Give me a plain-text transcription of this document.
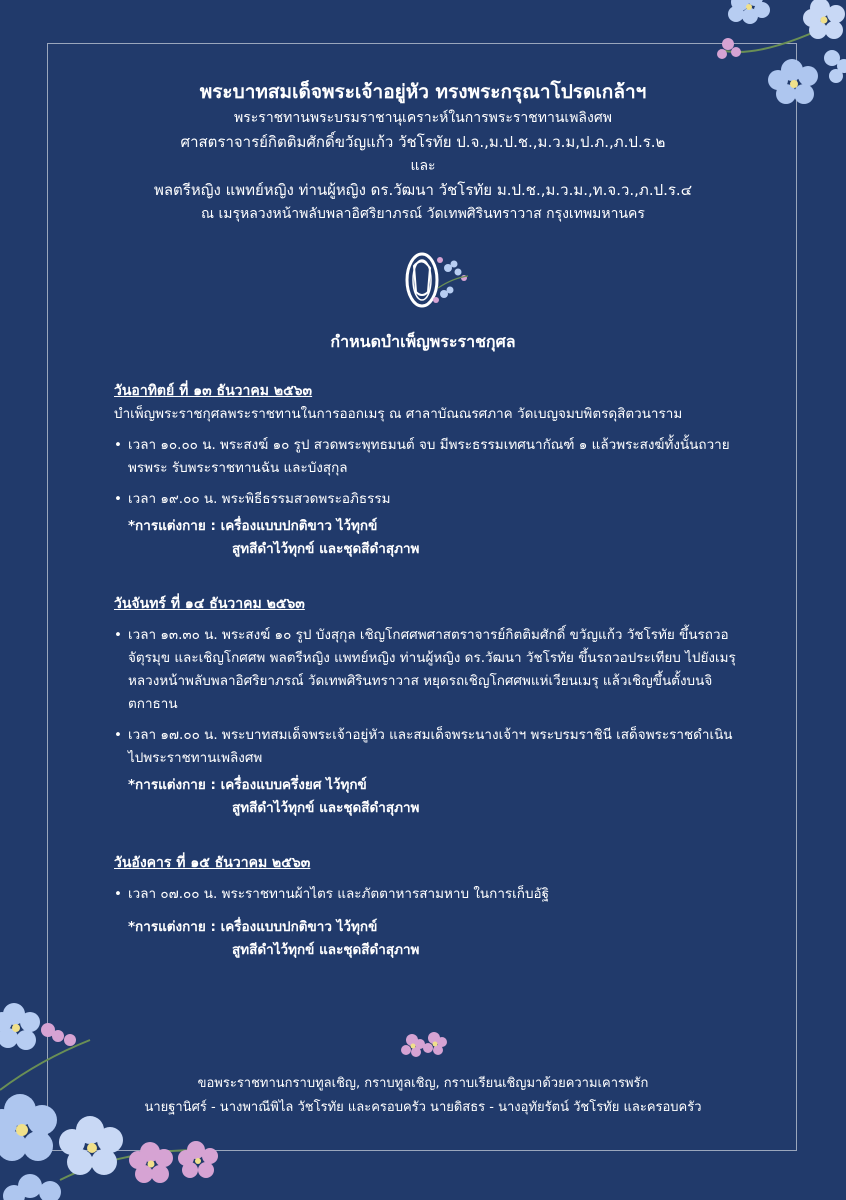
พระบาทสมเด็จพระเจ้าอยู่หัว ทรงพระกรุณาโปรดเกล้าฯ
พระราชทานพระบรมราชานุเคราะห์ในการพระราชทานเพลิงศพ
ศาสตราจารย์กิตติมศักดิ์ขวัญแก้ว วัชโรทัย ป.จ.,ม.ป.ช.,ม.ว.ม,ป.ภ.,ภ.ป.ร.๒
และ
พลตรีหญิง แพทย์หญิง ท่านผู้หญิง ดร.วัฒนา วัชโรทัย ม.ป.ช.,ม.ว.ม.,ท.จ.ว.,ภ.ป.ร.๔
ณ เมรุหลวงหน้าพลับพลาอิศริยาภรณ์ วัดเทพศิรินทราวาส กรุงเทพมหานคร
กำหนดบำเพ็ญพระราชกุศล
วันอาทิตย์ ที่ ๑๓ ธันวาคม ๒๕๖๓

บำเพ็ญพระราชกุศลพระราชทานในการออกเมรุ ณ ศาลาบัณณรศภาค วัดเบญจมบพิตรดุสิตวนาราม

• เวลา ๑๐.๐๐ น. พระสงฆ์ ๑๐ รูป สวดพระพุทธมนต์ จบ มีพระธรรมเทศนากัณฑ์ ๑ แล้วพระสงฆ์ทั้งนั้นถวายพรพระ รับพระราชทานฉัน และบังสุกุล
• เวลา ๑๙.๐๐ น. พระพิธีธรรมสวดพระอภิธรรม
*การแต่งกาย : เครื่องแบบปกติขาว ไว้ทุกข์
สูทสีดำไว้ทุกข์ และชุดสีดำสุภาพ
วันจันทร์ ที่ ๑๔ ธันวาคม ๒๕๖๓
• เวลา ๑๓.๓๐ น. พระสงฆ์ ๑๐ รูป บังสุกุล เชิญโกศศพศาสตราจารย์กิตติมศักดิ์ ขวัญแก้ว วัชโรทัย ขึ้นรถวอจัตุรมุข และเชิญโกศศพ พลตรีหญิง แพทย์หญิง ท่านผู้หญิง ดร.วัฒนา วัชโรทัย ขึ้นรถวอประเทียบ ไปยังเมรุหลวงหน้าพลับพลาอิศริยาภรณ์ วัดเทพศิรินทราวาส หยุดรถเชิญโกศศพแห่เวียนเมรุ แล้วเชิญขึ้นตั้งบนจิตกาธาน
• เวลา ๑๗.๐๐ น. พระบาทสมเด็จพระเจ้าอยู่หัว และสมเด็จพระนางเจ้าฯ พระบรมราชินี เสด็จพระราชดำเนินไปพระราชทานเพลิงศพ
*การแต่งกาย : เครื่องแบบครึ่งยศ ไว้ทุกข์
สูทสีดำไว้ทุกข์ และชุดสีดำสุภาพ
วันอังคาร ที่ ๑๕ ธันวาคม ๒๕๖๓
• เวลา ๐๗.๐๐ น. พระราชทานผ้าไตร และภัตตาหารสามหาบ ในการเก็บอัฐิ
*การแต่งกาย : เครื่องแบบปกติขาว ไว้ทุกข์
สูทสีดำไว้ทุกข์ และชุดสีดำสุภาพ
ขอพระราชทานกราบทูลเชิญ, กราบทูลเชิญ, กราบเรียนเชิญมาด้วยความเคารพรัก
นายฐานิศร์ - นางพาณีพิไล วัชโรทัย และครอบครัว นายดิสธร - นางอุทัยรัตน์ วัชโรทัย และครอบครัว
